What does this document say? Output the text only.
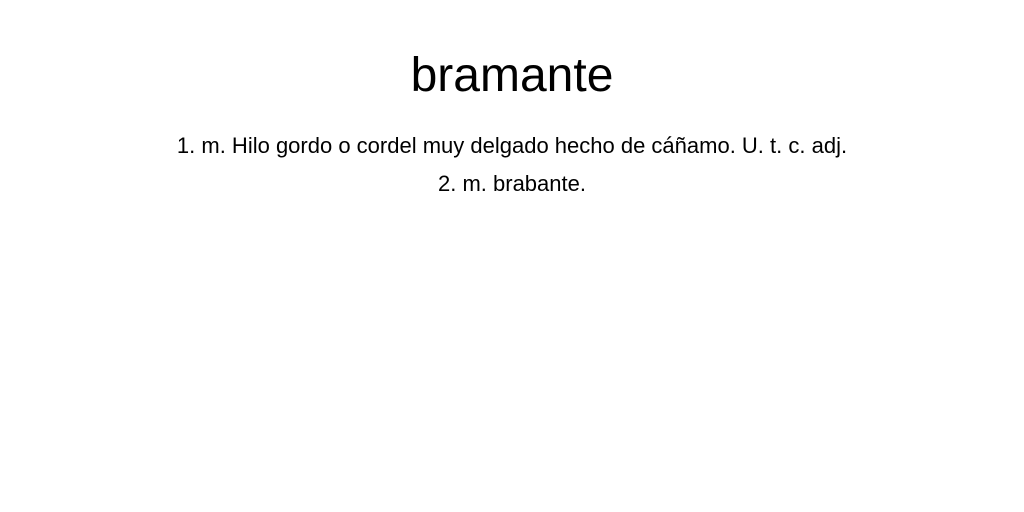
bramante
1. m. Hilo gordo o cordel muy delgado hecho de cáñamo. U. t. c. adj.
2. m. brabante.
